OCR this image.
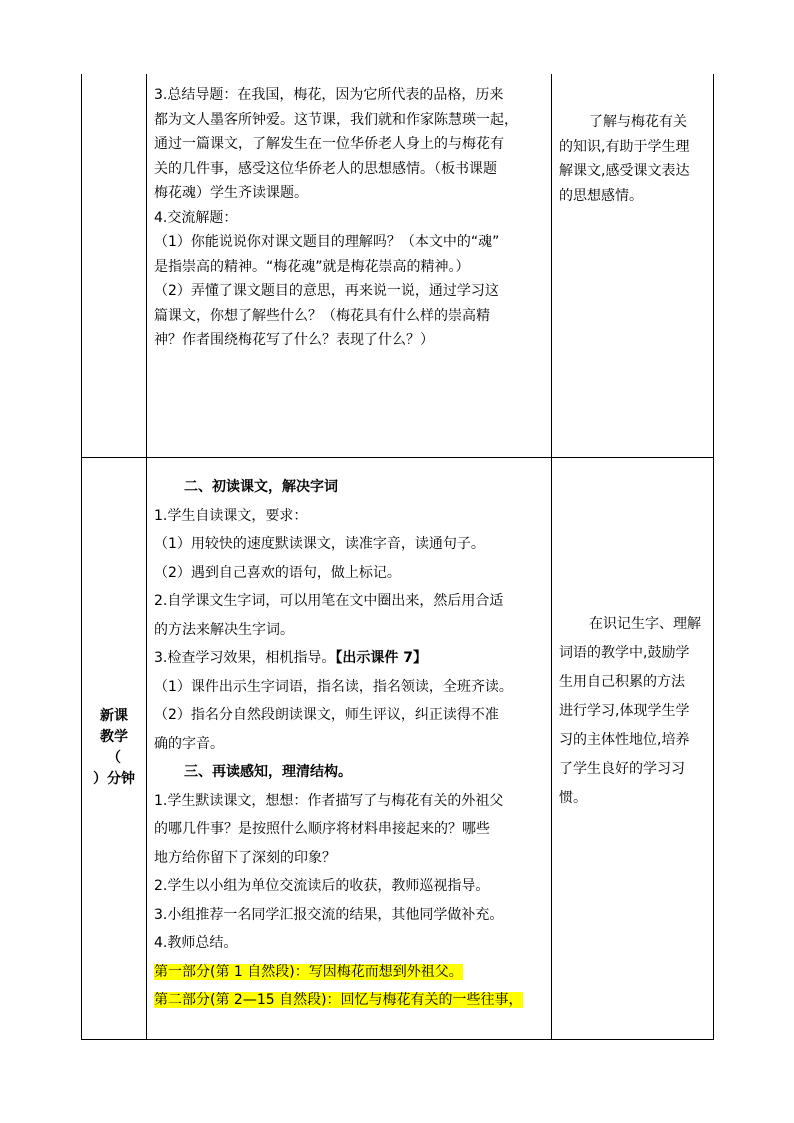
3.总结导题：在我国，梅花，因为它所代表的品格，历来

都为文人墨客所钟爱。这节课，我们就和作家陈慧瑛一起，

通过一篇课文，了解发生在一位华侨老人身上的与梅花有

关的几件事，感受这位华侨老人的思想感情。（板书课题

梅花魂）学生齐读课题。

4.交流解题：

（1）你能说说你对课文题目的理解吗？（本文中的“魂”

是指崇高的精神。“梅花魂”就是梅花崇高的精神。）

（2）弄懂了课文题目的意思，再来说一说，通过学习这

篇课文，你想了解些什么？（梅花具有什么样的崇高精

神？作者围绕梅花写了什么？表现了什么？）

了解与梅花有关

的知识,有助于学生理

解课文,感受课文表达

的思想感情。

新课
教学
（
）分钟

二、初读课文，解决字词

1.学生自读课文，要求：

（1）用较快的速度默读课文，读准字音，读通句子。

（2）遇到自己喜欢的语句，做上标记。

2.自学课文生字词，可以用笔在文中圈出来，然后用合适

的方法来解决生字词。

3.检查学习效果，相机指导。【出示课件 7】

（1）课件出示生字词语，指名读，指名领读，全班齐读。

（2）指名分自然段朗读课文，师生评议，纠正读得不准

确的字音。

三、再读感知，理清结构。

1.学生默读课文，想想：作者描写了与梅花有关的外祖父

的哪几件事？是按照什么顺序将材料串接起来的？哪些

地方给你留下了深刻的印象？

2.学生以小组为单位交流读后的收获，教师巡视指导。

3.小组推荐一名同学汇报交流的结果，其他同学做补充。

4.教师总结。

第一部分(第 1 自然段)：写因梅花而想到外祖父。

第二部分(第 2—15 自然段)：回忆与梅花有关的一些往事，

在识记生字、理解

词语的教学中,鼓励学

生用自己积累的方法

进行学习,体现学生学

习的主体性地位,培养

了学生良好的学习习

惯。
